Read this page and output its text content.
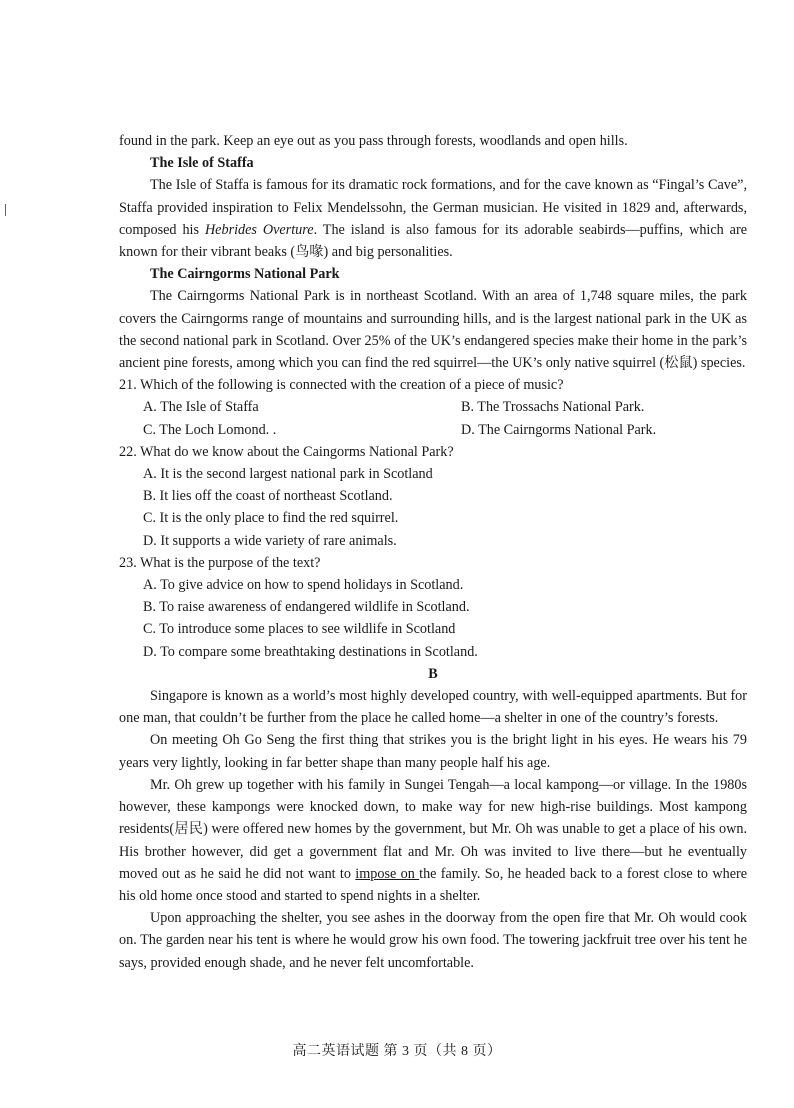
found in the park. Keep an eye out as you pass through forests, woodlands and open hills.

The Isle of Staffa

The Isle of Staffa is famous for its dramatic rock formations, and for the cave known as “Fingal’s Cave”, Staffa provided inspiration to Felix Mendelssohn, the German musician. He visited in 1829 and, afterwards, composed his Hebrides Overture. The island is also famous for its adorable seabirds—puffins, which are known for their vibrant beaks (鸟喙) and big personalities.

The Cairngorms National Park

The Cairngorms National Park is in northeast Scotland. With an area of 1,748 square miles, the park covers the Cairngorms range of mountains and surrounding hills, and is the largest national park in the UK as the second national park in Scotland. Over 25% of the UK’s endangered species make their home in the park’s ancient pine forests, among which you can find the red squirrel—the UK’s only native squirrel (松鼠) species.

21. Which of the following is connected with the creation of a piece of music?

A. The Isle of Staffa	B. The Trossachs National Park.
C. The Loch Lomond. .	D. The Cairngorms National Park.

22. What do we know about the Caingorms National Park?

A. It is the second largest national park in Scotland

B. It lies off the coast of northeast Scotland.

C. It is the only place to find the red squirrel.

D. It supports a wide variety of rare animals.

23. What is the purpose of the text?

A. To give advice on how to spend holidays in Scotland.

B. To raise awareness of endangered wildlife in Scotland.

C. To introduce some places to see wildlife in Scotland

D. To compare some breathtaking destinations in Scotland.

B

Singapore is known as a world’s most highly developed country, with well-equipped apartments. But for one man, that couldn’t be further from the place he called home—a shelter in one of the country’s forests.

On meeting Oh Go Seng the first thing that strikes you is the bright light in his eyes. He wears his 79 years very lightly, looking in far better shape than many people half his age.

Mr. Oh grew up together with his family in Sungei Tengah—a local kampong—or village. In the 1980s however, these kampongs were knocked down, to make way for new high-rise buildings. Most kampong residents(居民) were offered new homes by the government, but Mr. Oh was unable to get a place of his own. His brother however, did get a government flat and Mr. Oh was invited to live there—but he eventually moved out as he said he did not want to impose on the family. So, he headed back to a forest close to where his old home once stood and started to spend nights in a shelter.

Upon approaching the shelter, you see ashes in the doorway from the open fire that Mr. Oh would cook on. The garden near his tent is where he would grow his own food. The towering jackfruit tree over his tent he says, provided enough shade, and he never felt uncomfortable.

高二英语试题 第 3 页（共 8 页）
